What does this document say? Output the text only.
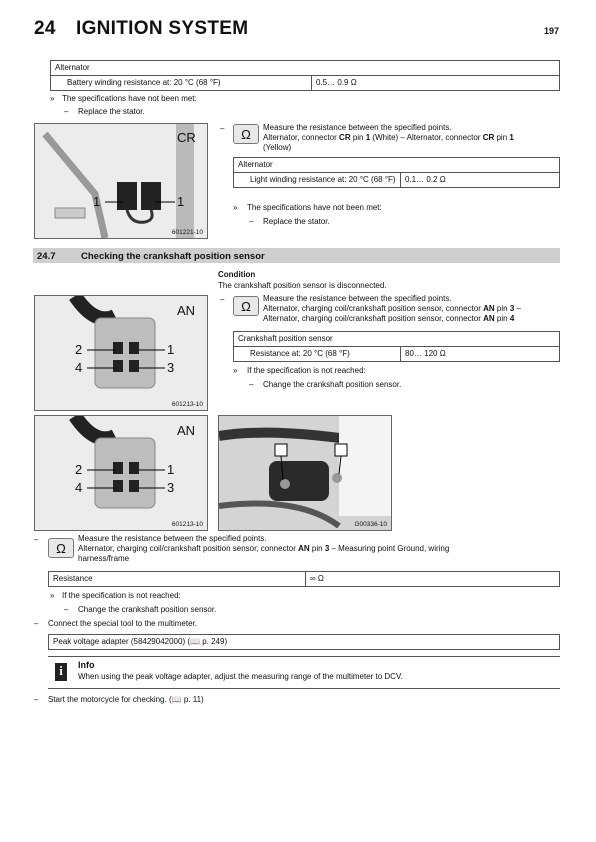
24 IGNITION SYSTEM	197
Alternator
Battery winding resistance at: 20 °C (68 °F)	0.5… 0.9 Ω
» The specifications have not been met:
– Replace the stator.
CR
1	1
601221-10
– Ω Measure the resistance between the specified points.
Alternator, connector CR pin 1 (White) – Alternator, connector CR pin 1
(Yellow)
Alternator
Light winding resistance at: 20 °C (68 °F)	0.1… 0.2 Ω
» The specifications have not been met:
– Replace the stator.
24.7	Checking the crankshaft position sensor
Condition
The crankshaft position sensor is disconnected.
AN
2	1
4	3
601213-10
– Ω Measure the resistance between the specified points.
Alternator, charging coil/crankshaft position sensor, connector AN pin 3 –
Alternator, charging coil/crankshaft position sensor, connector AN pin 4
Crankshaft position sensor
Resistance at: 20 °C (68 °F)	80… 120 Ω
» If the specification is not reached:
– Change the crankshaft position sensor.
AN
2	1
4	3
601213-10	G00336-10
–
Ω
Measure the resistance between the specified points.
Alternator, charging coil/crankshaft position sensor, connector AN pin 3 – Measuring point Ground, wiring
harness/frame
Resistance	∞ Ω
» If the specification is not reached:
– Change the crankshaft position sensor.
– Connect the special tool to the multimeter.
Peak voltage adapter (58429042000) (📖 p. 249)
i	Info
When using the peak voltage adapter, adjust the measuring range of the multimeter to DCV.
– Start the motorcycle for checking. (📖 p. 11)
